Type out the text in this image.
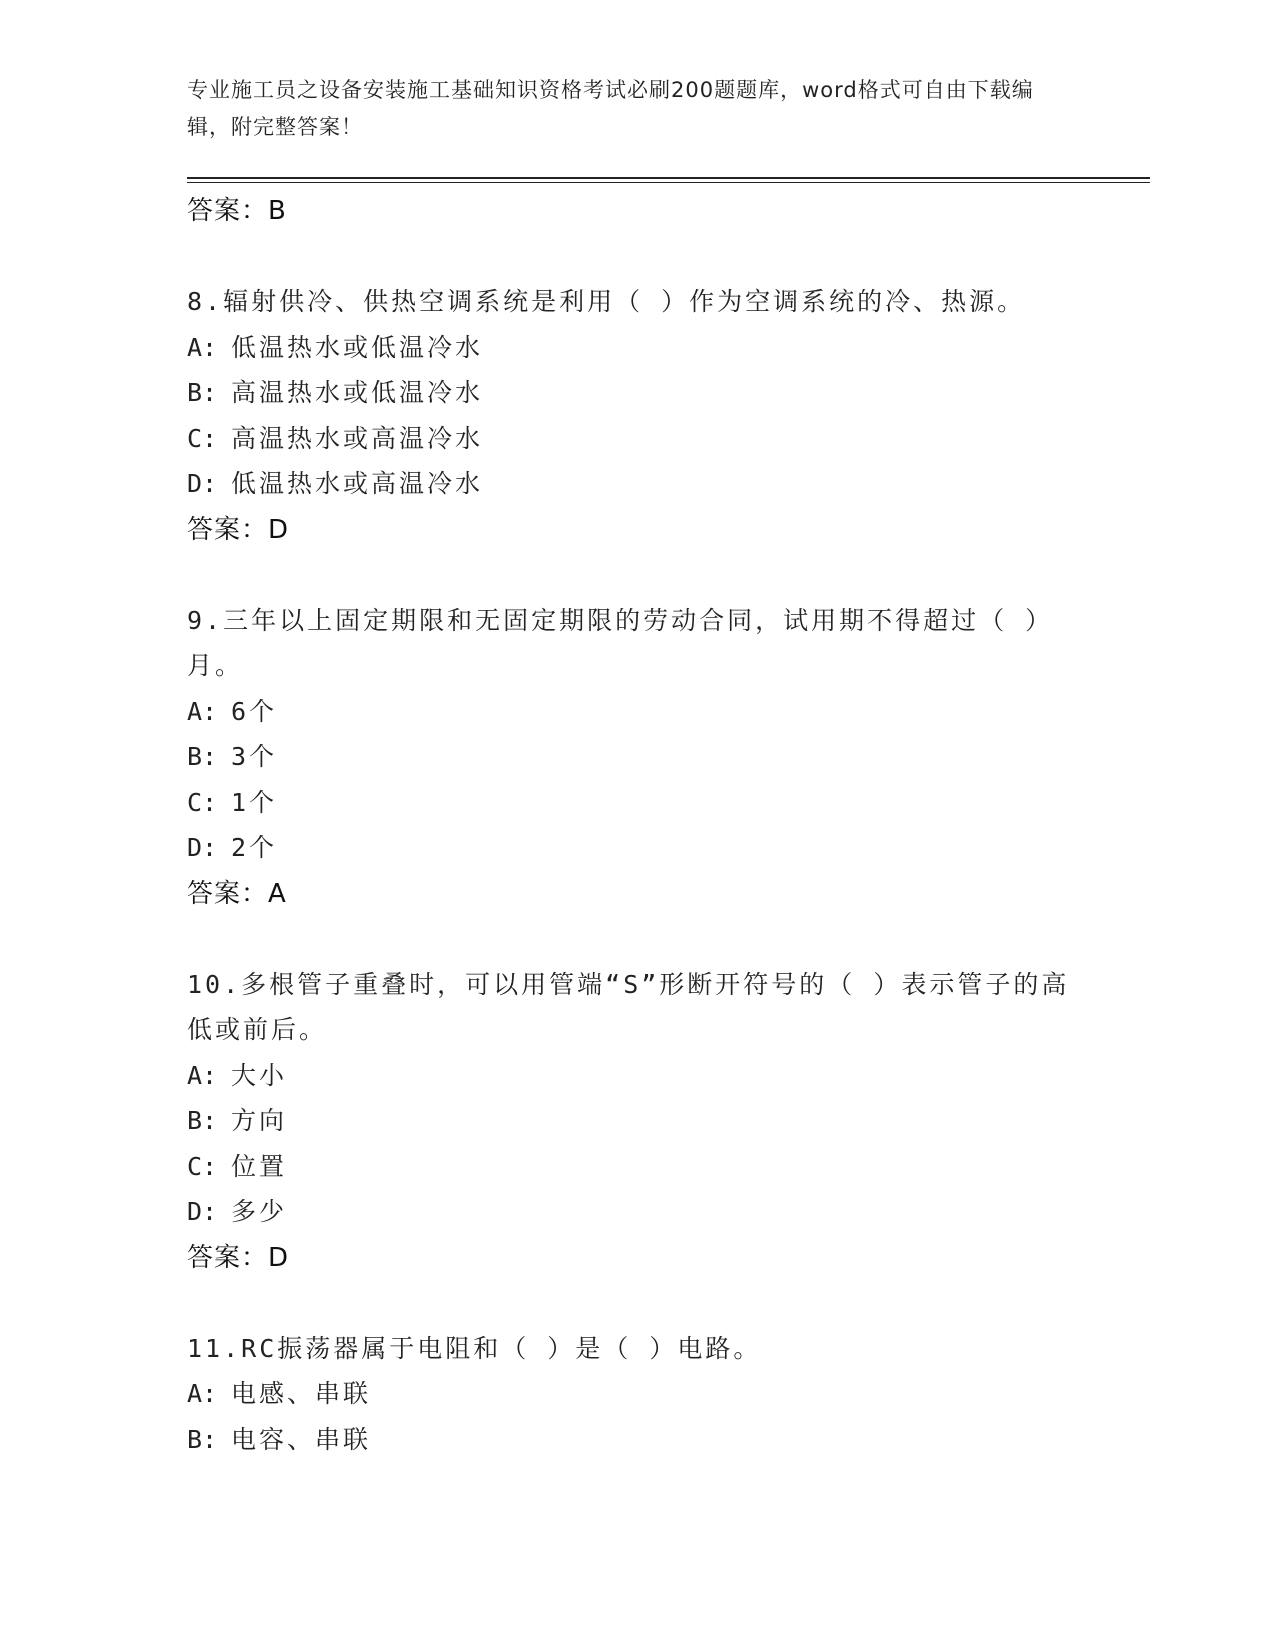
专业施工员之设备安装施工基础知识资格考试必刷200题题库，word格式可自由下载编辑，附完整答案！
答案：B
8.辐射供冷、供热空调系统是利用（ ）作为空调系统的冷、热源。
A: 低温热水或低温冷水
B: 高温热水或低温冷水
C: 高温热水或高温冷水
D: 低温热水或高温冷水
答案：D
9.三年以上固定期限和无固定期限的劳动合同，试用期不得超过（ ）月。
A: 6个
B: 3个
C: 1个
D: 2个
答案：A
10.多根管子重叠时，可以用管端“S”形断开符号的（ ）表示管子的高低或前后。
A: 大小
B: 方向
C: 位置
D: 多少
答案：D
11.RC振荡器属于电阻和（ ）是（ ）电路。
A: 电感、串联
B: 电容、串联
